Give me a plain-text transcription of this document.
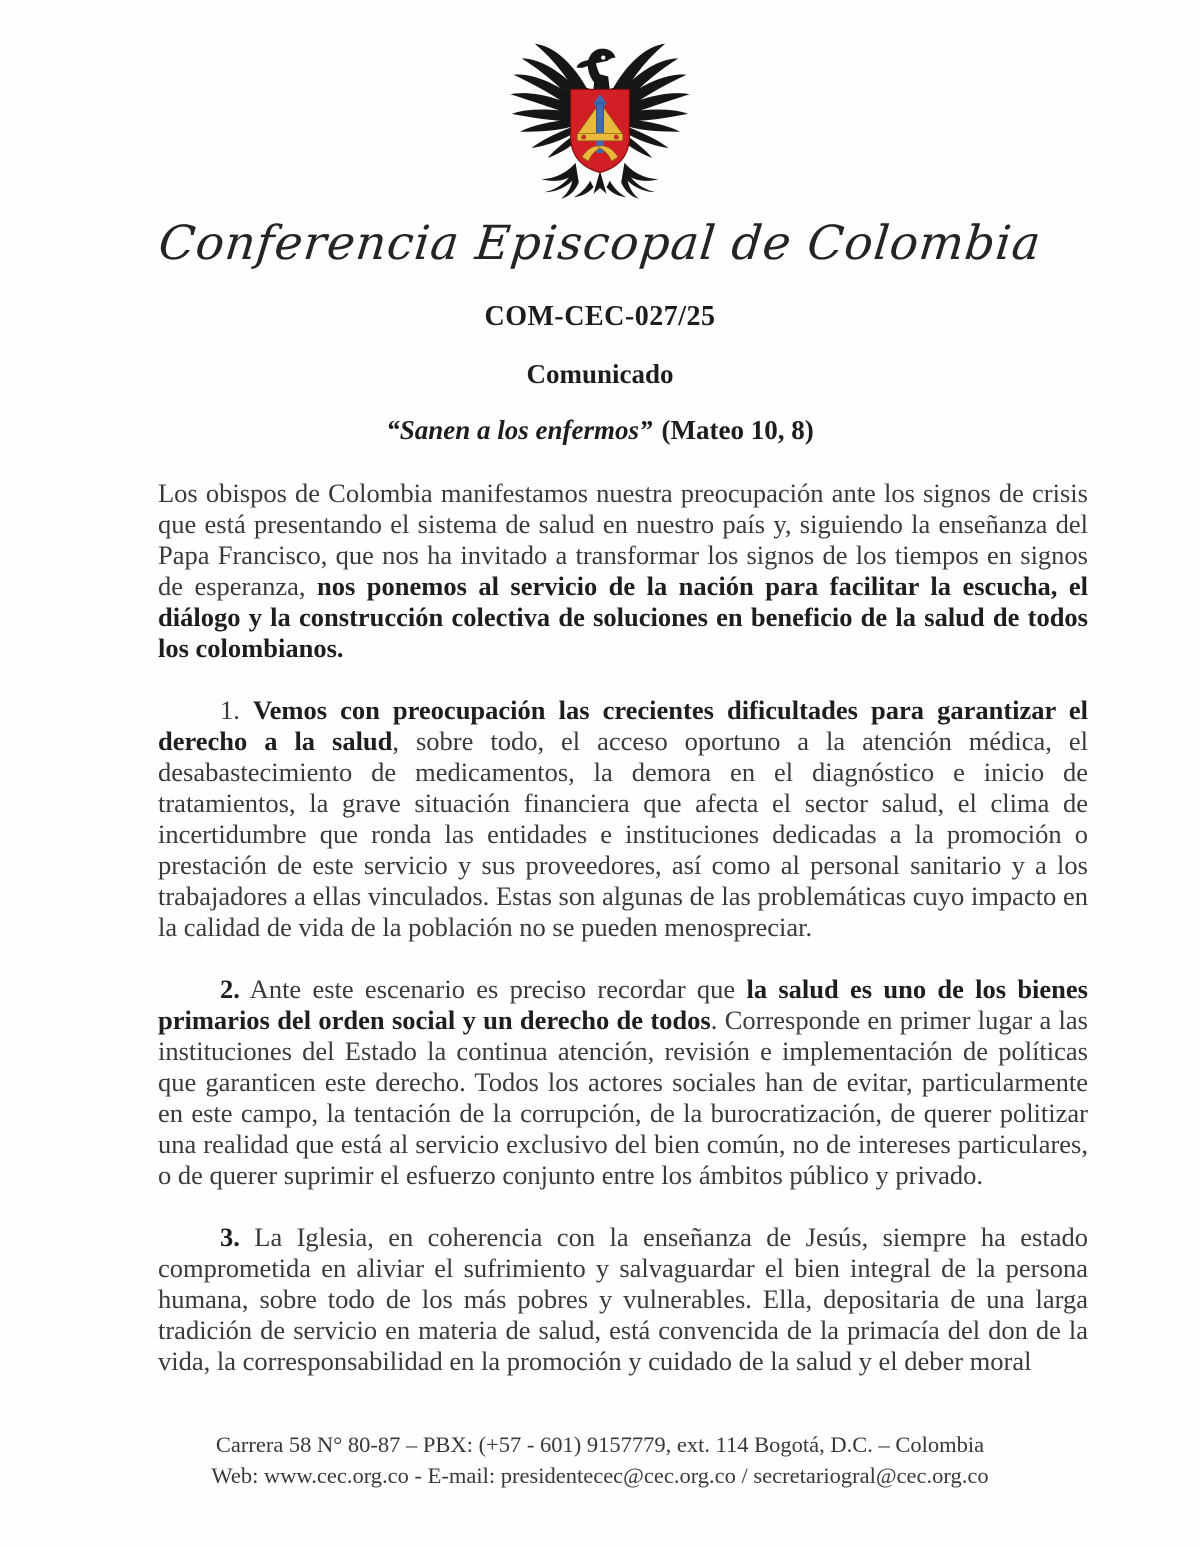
Conferencia Episcopal de Colombia
COM-CEC-027/25
Comunicado
“Sanen a los enfermos” (Mateo 10, 8)

Los obispos de Colombia manifestamos nuestra preocupación ante los signos de crisis que está presentando el sistema de salud en nuestro país y, siguiendo la enseñanza del Papa Francisco, que nos ha invitado a transformar los signos de los tiempos en signos de esperanza, nos ponemos al servicio de la nación para facilitar la escucha, el diálogo y la construcción colectiva de soluciones en beneficio de la salud de todos los colombianos.

1. Vemos con preocupación las crecientes dificultades para garantizar el derecho a la salud, sobre todo, el acceso oportuno a la atención médica, el desabastecimiento de medicamentos, la demora en el diagnóstico e inicio de tratamientos, la grave situación financiera que afecta el sector salud, el clima de incertidumbre que ronda las entidades e instituciones dedicadas a la promoción o prestación de este servicio y sus proveedores, así como al personal sanitario y a los trabajadores a ellas vinculados. Estas son algunas de las problemáticas cuyo impacto en la calidad de vida de la población no se pueden menospreciar.

2. Ante este escenario es preciso recordar que la salud es uno de los bienes primarios del orden social y un derecho de todos. Corresponde en primer lugar a las instituciones del Estado la continua atención, revisión e implementación de políticas que garanticen este derecho. Todos los actores sociales han de evitar, particularmente en este campo, la tentación de la corrupción, de la burocratización, de querer politizar una realidad que está al servicio exclusivo del bien común, no de intereses particulares, o de querer suprimir el esfuerzo conjunto entre los ámbitos público y privado.

3. La Iglesia, en coherencia con la enseñanza de Jesús, siempre ha estado comprometida en aliviar el sufrimiento y salvaguardar el bien integral de la persona humana, sobre todo de los más pobres y vulnerables. Ella, depositaria de una larga tradición de servicio en materia de salud, está convencida de la primacía del don de la vida, la corresponsabilidad en la promoción y cuidado de la salud y el deber moral

Carrera 58 N° 80-87 – PBX: (+57 - 601) 9157779, ext. 114 Bogotá, D.C. – Colombia
Web: www.cec.org.co - E-mail: presidentecec@cec.org.co / secretariogral@cec.org.co
